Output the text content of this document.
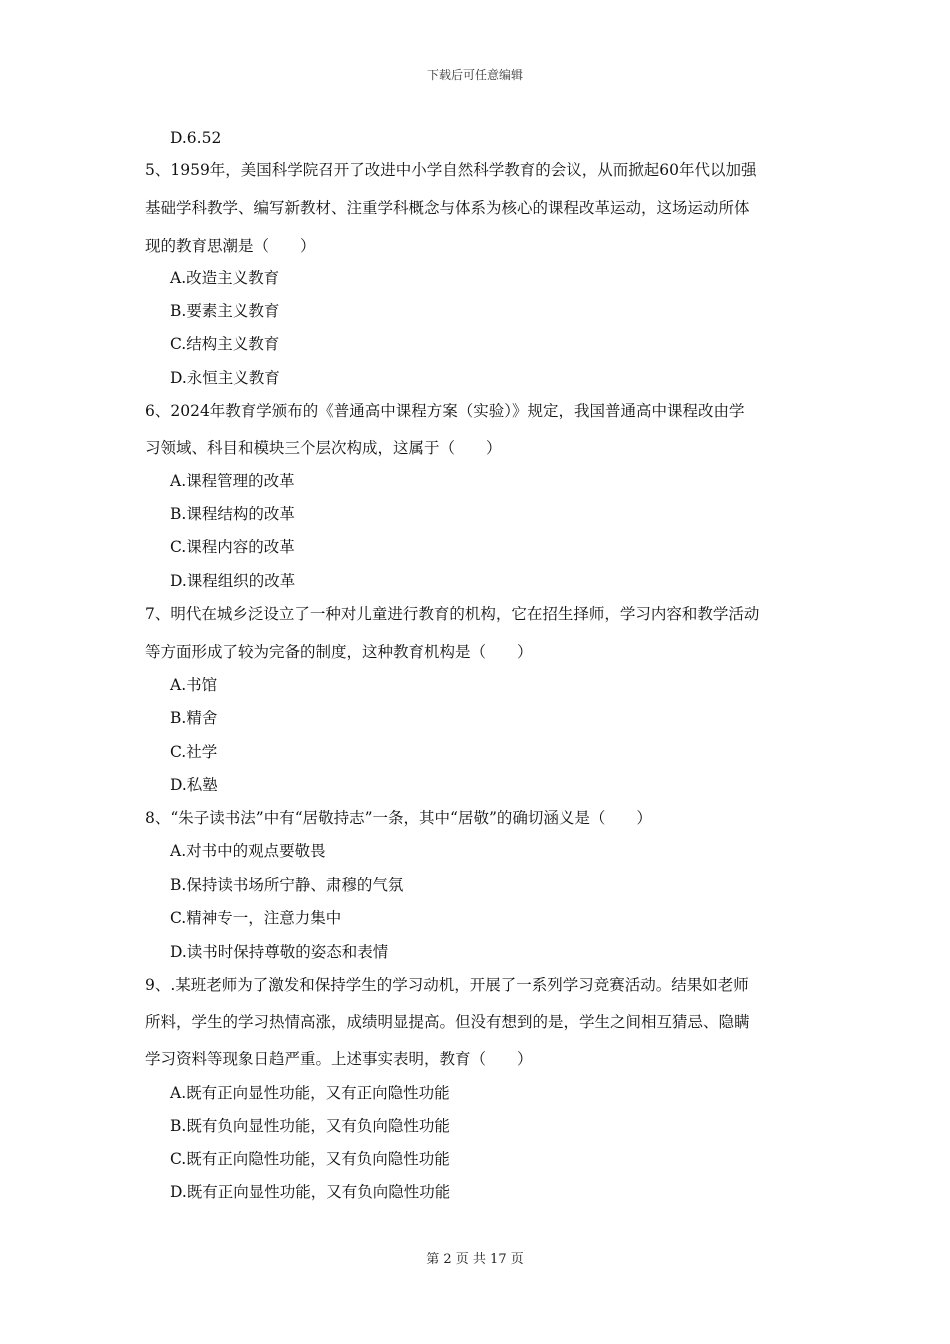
下载后可任意编辑
D.6.52
5、1959年，美国科学院召开了改进中小学自然科学教育的会议，从而掀起60年代以加强
基础学科教学、编写新教材、注重学科概念与体系为核心的课程改革运动，这场运动所体
现的教育思潮是（　　）
A.改造主义教育
B.要素主义教育
C.结构主义教育
D.永恒主义教育
6、2024年教育学颁布的《普通高中课程方案（实验）》规定，我国普通高中课程改由学
习领域、科目和模块三个层次构成，这属于（　　）
A.课程管理的改革
B.课程结构的改革
C.课程内容的改革
D.课程组织的改革
7、明代在城乡泛设立了一种对儿童进行教育的机构，它在招生择师，学习内容和教学活动
等方面形成了较为完备的制度，这种教育机构是（　　）
A.书馆
B.精舍
C.社学
D.私塾
8、“朱子读书法”中有“居敬持志”一条，其中“居敬”的确切涵义是（　　）
A.对书中的观点要敬畏
B.保持读书场所宁静、肃穆的气氛
C.精神专一，注意力集中
D.读书时保持尊敬的姿态和表情
9、.某班老师为了激发和保持学生的学习动机，开展了一系列学习竞赛活动。结果如老师
所料，学生的学习热情高涨，成绩明显提高。但没有想到的是，学生之间相互猜忌、隐瞒
学习资料等现象日趋严重。上述事实表明，教育（　　）
A.既有正向显性功能，又有正向隐性功能
B.既有负向显性功能，又有负向隐性功能
C.既有正向隐性功能，又有负向隐性功能
D.既有正向显性功能，又有负向隐性功能
第 2 页 共 17 页
